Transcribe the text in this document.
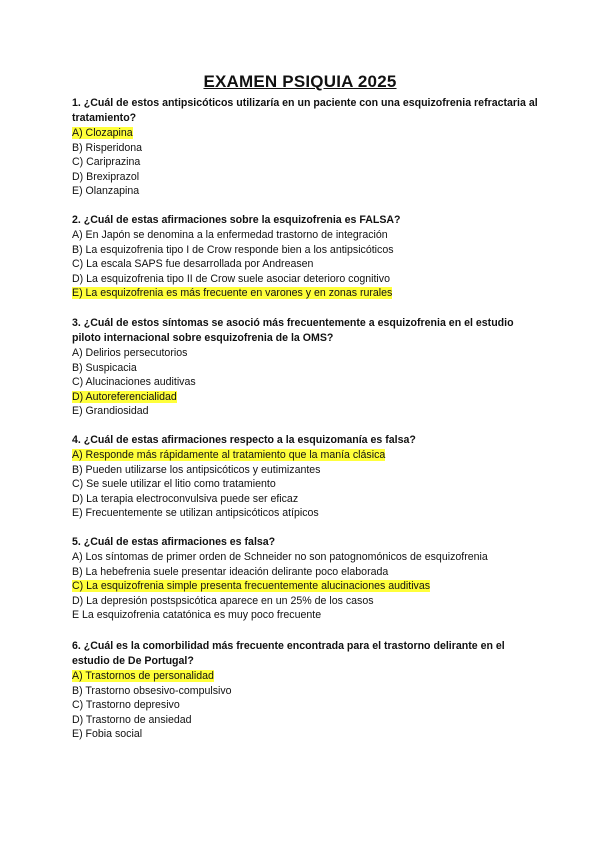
EXAMEN PSIQUIA 2025
1. ¿Cuál de estos antipsicóticos utilizaría en un paciente con una esquizofrenia refractaria al tratamiento?
A) Clozapina
B) Risperidona
C) Cariprazina
D) Brexiprazol
E) Olanzapina
2. ¿Cuál de estas afirmaciones sobre la esquizofrenia es FALSA?
A) En Japón se denomina a la enfermedad trastorno de integración
B) La esquizofrenia tipo I de Crow responde bien a los antipsicóticos
C) La escala SAPS fue desarrollada por Andreasen
D) La esquizofrenia tipo II de Crow suele asociar deterioro cognitivo
E) La esquizofrenia es más frecuente en varones y en zonas rurales
3. ¿Cuál de estos síntomas se asoció más frecuentemente a esquizofrenia en el estudio piloto internacional sobre esquizofrenia de la OMS?
A) Delirios persecutorios
B) Suspicacia
C) Alucinaciones auditivas
D) Autoreferencialidad
E) Grandiosidad
4. ¿Cuál de estas afirmaciones respecto a la esquizomanía es falsa?
A) Responde más rápidamente al tratamiento que la manía clásica
B) Pueden utilizarse los antipsicóticos y eutimizantes
C) Se suele utilizar el litio como tratamiento
D) La terapia electroconvulsiva puede ser eficaz
E) Frecuentemente se utilizan antipsicóticos atípicos
5. ¿Cuál de estas afirmaciones es falsa?
A) Los síntomas de primer orden de Schneider no son patognomónicos de esquizofrenia
B) La hebefrenia suele presentar ideación delirante poco elaborada
C) La esquizofrenia simple presenta frecuentemente alucinaciones auditivas
D) La depresión postspsicótica aparece en un 25% de los casos
E La esquizofrenia catatónica es muy poco frecuente
6. ¿Cuál es la comorbilidad más frecuente encontrada para el trastorno delirante en el estudio de De Portugal?
A) Trastornos de personalidad
B) Trastorno obsesivo-compulsivo
C) Trastorno depresivo
D) Trastorno de ansiedad
E) Fobia social
